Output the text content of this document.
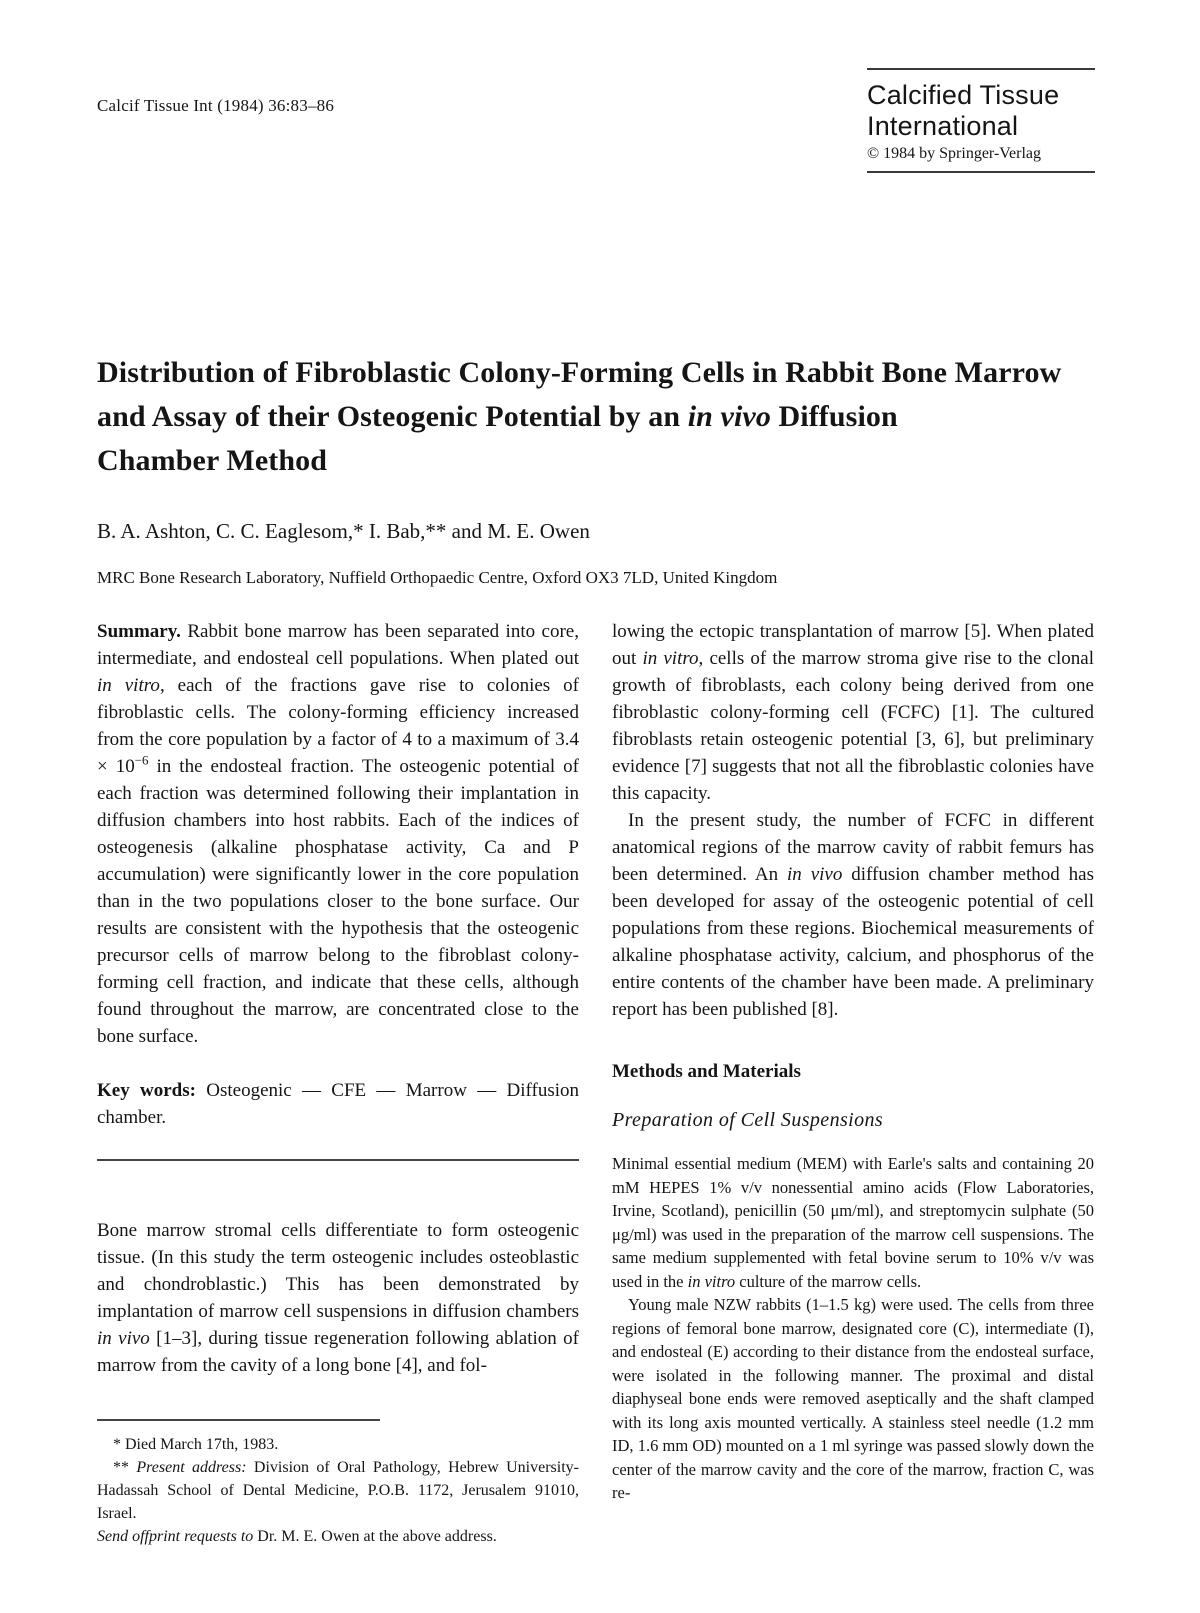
Calcif Tissue Int (1984) 36:83–86	Calcified Tissue
International
© 1984 by Springer-Verlag
Distribution of Fibroblastic Colony-Forming Cells in Rabbit Bone Marrow
and Assay of their Osteogenic Potential by an in vivo Diffusion
Chamber Method
B. A. Ashton, C. C. Eaglesom,* I. Bab,** and M. E. Owen
MRC Bone Research Laboratory, Nuffield Orthopaedic Centre, Oxford OX3 7LD, United Kingdom

Summary. Rabbit bone marrow has been separated into core, intermediate, and endosteal cell populations. When plated out in vitro, each of the fractions gave rise to colonies of fibroblastic cells. The colony-forming efficiency increased from the core population by a factor of 4 to a maximum of $3.4 \times 10^{-6}$ in the endosteal fraction. The osteogenic potential of each fraction was determined following their implantation in diffusion chambers into host rabbits. Each of the indices of osteogenesis (alkaline phosphatase activity, Ca and P accumulation) were significantly lower in the core population than in the two populations closer to the bone surface. Our results are consistent with the hypothesis that the osteogenic precursor cells of marrow belong to the fibroblast colony-forming cell fraction, and indicate that these cells, although found throughout the marrow, are concentrated close to the bone surface.

Key words: Osteogenic — CFE — Marrow — Diffusion chamber.

Bone marrow stromal cells differentiate to form osteogenic tissue. (In this study the term osteogenic includes osteoblastic and chondroblastic.) This has been demonstrated by implantation of marrow cell suspensions in diffusion chambers in vivo [1–3], during tissue regeneration following ablation of marrow from the cavity of a long bone [4], and fol-

* Died March 17th, 1983.

** Present address: Division of Oral Pathology, Hebrew University-Hadassah School of Dental Medicine, P.O.B. 1172, Jerusalem 91010, Israel.

Send offprint requests to Dr. M. E. Owen at the above address.

lowing the ectopic transplantation of marrow [5]. When plated out in vitro, cells of the marrow stroma give rise to the clonal growth of fibroblasts, each colony being derived from one fibroblastic colony-forming cell (FCFC) [1]. The cultured fibroblasts retain osteogenic potential [3, 6], but preliminary evidence [7] suggests that not all the fibroblastic colonies have this capacity.

In the present study, the number of FCFC in different anatomical regions of the marrow cavity of rabbit femurs has been determined. An in vivo diffusion chamber method has been developed for assay of the osteogenic potential of cell populations from these regions. Biochemical measurements of alkaline phosphatase activity, calcium, and phosphorus of the entire contents of the chamber have been made. A preliminary report has been published [8].

Methods and Materials
Preparation of Cell Suspensions

Minimal essential medium (MEM) with Earle's salts and containing 20 mM HEPES 1% v/v nonessential amino acids (Flow Laboratories, Irvine, Scotland), penicillin (50 μm/ml), and streptomycin sulphate (50 μg/ml) was used in the preparation of the marrow cell suspensions. The same medium supplemented with fetal bovine serum to 10% v/v was used in the in vitro culture of the marrow cells.

Young male NZW rabbits (1–1.5 kg) were used. The cells from three regions of femoral bone marrow, designated core (C), intermediate (I), and endosteal (E) according to their distance from the endosteal surface, were isolated in the following manner. The proximal and distal diaphyseal bone ends were removed aseptically and the shaft clamped with its long axis mounted vertically. A stainless steel needle (1.2 mm ID, 1.6 mm OD) mounted on a 1 ml syringe was passed slowly down the center of the marrow cavity and the core of the marrow, fraction C, was re-
